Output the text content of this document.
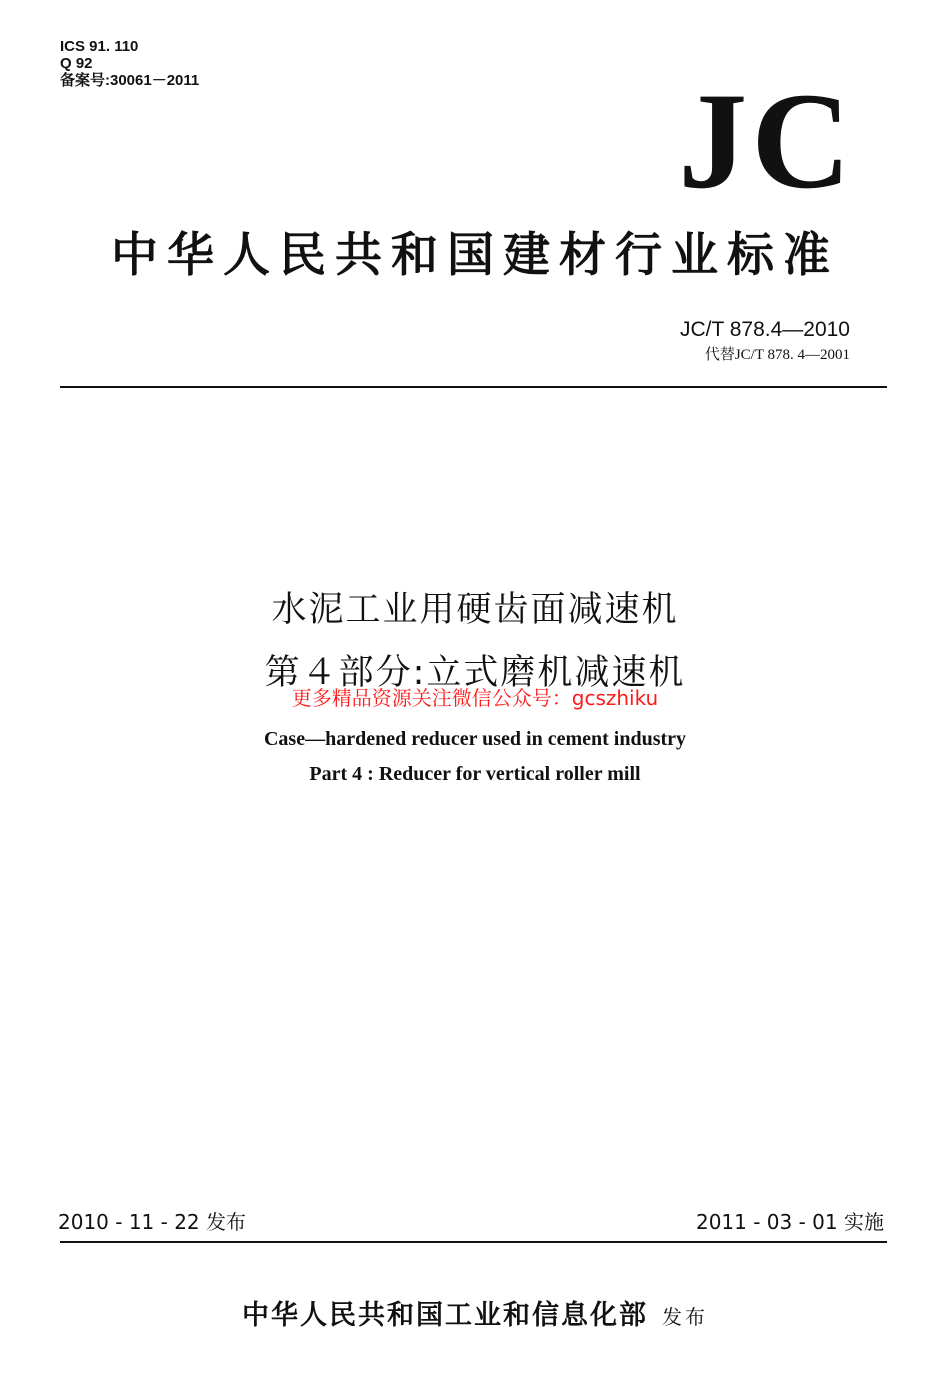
ICS 91. 110
Q 92
备案号:30061－2011	JC
中华人民共和国建材行业标准
JC/T 878.4—2010
代替JC/T 878. 4—2001
水泥工业用硬齿面减速机
第４部分:立式磨机减速机
更多精品资源关注微信公众号：gcszhiku
Case—hardened reducer used in cement industry
Part 4 : Reducer for vertical roller mill
2010 - 11 - 22 发布	2011 - 03 - 01 实施
中华人民共和国工业和信息化部 发布
